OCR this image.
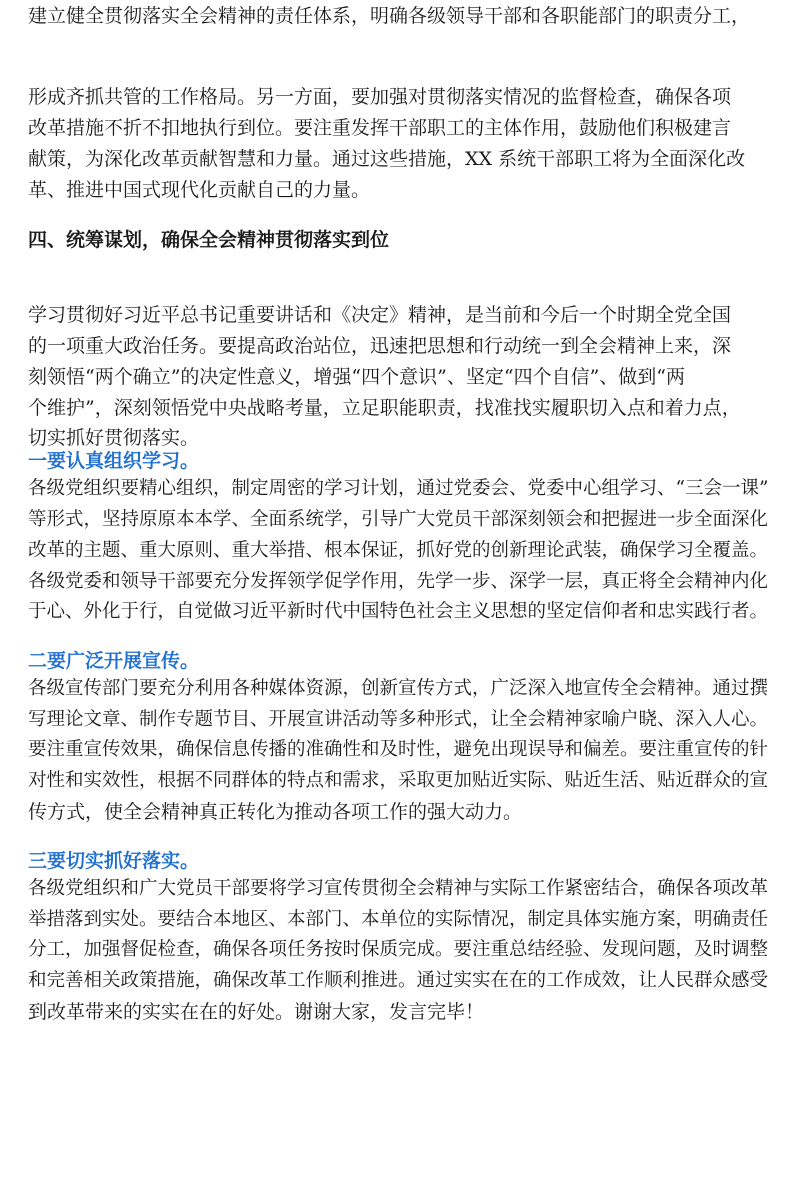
建立健全贯彻落实全会精神的责任体系，明确各级领导干部和各职能部门的职责分工，
形成齐抓共管的工作格局。另一方面，要加强对贯彻落实情况的监督检查，确保各项
改革措施不折不扣地执行到位。要注重发挥干部职工的主体作用，鼓励他们积极建言
献策，为深化改革贡献智慧和力量。通过这些措施，XX 系统干部职工将为全面深化改
革、推进中国式现代化贡献自己的力量。
四、统筹谋划，确保全会精神贯彻落实到位
学习贯彻好习近平总书记重要讲话和《决定》精神，是当前和今后一个时期全党全国
的一项重大政治任务。要提高政治站位，迅速把思想和行动统一到全会精神上来，深
刻领悟“两个确立”的决定性意义，增强“四个意识”、坚定“四个自信”、做到“两
个维护”，深刻领悟党中央战略考量，立足职能职责，找准找实履职切入点和着力点，
切实抓好贯彻落实。
一要认真组织学习。
各级党组织要精心组织，制定周密的学习计划，通过党委会、党委中心组学习、“三会一课”
等形式，坚持原原本本学、全面系统学，引导广大党员干部深刻领会和把握进一步全面深化
改革的主题、重大原则、重大举措、根本保证，抓好党的创新理论武装，确保学习全覆盖。
各级党委和领导干部要充分发挥领学促学作用，先学一步、深学一层，真正将全会精神内化
于心、外化于行，自觉做习近平新时代中国特色社会主义思想的坚定信仰者和忠实践行者。
二要广泛开展宣传。
各级宣传部门要充分利用各种媒体资源，创新宣传方式，广泛深入地宣传全会精神。通过撰
写理论文章、制作专题节目、开展宣讲活动等多种形式，让全会精神家喻户晓、深入人心。
要注重宣传效果，确保信息传播的准确性和及时性，避免出现误导和偏差。要注重宣传的针
对性和实效性，根据不同群体的特点和需求，采取更加贴近实际、贴近生活、贴近群众的宣
传方式，使全会精神真正转化为推动各项工作的强大动力。
三要切实抓好落实。
各级党组织和广大党员干部要将学习宣传贯彻全会精神与实际工作紧密结合，确保各项改革
举措落到实处。要结合本地区、本部门、本单位的实际情况，制定具体实施方案，明确责任
分工，加强督促检查，确保各项任务按时保质完成。要注重总结经验、发现问题，及时调整
和完善相关政策措施，确保改革工作顺利推进。通过实实在在的工作成效，让人民群众感受
到改革带来的实实在在的好处。谢谢大家，发言完毕！
